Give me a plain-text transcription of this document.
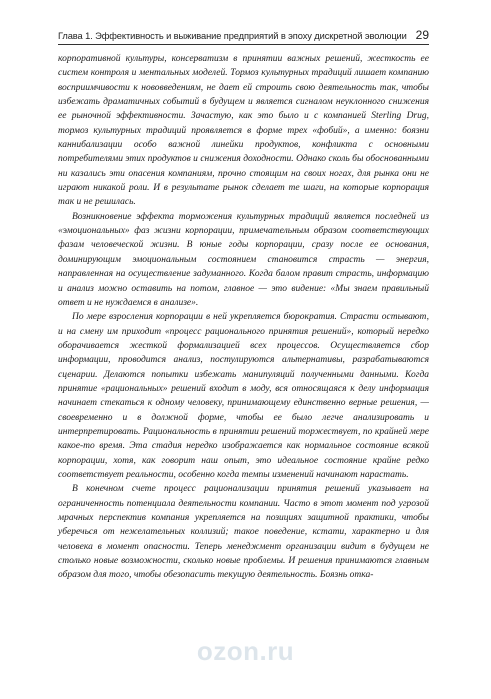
Глава 1. Эффективность и выживание предприятий в эпоху дискретной эволюции 29

корпоративной культуры, консерватизм в принятии важных решений, жесткость ее систем контроля и ментальных моделей. Тормоз культурных традиций лишает компанию восприимчивости к нововведениям, не дает ей строить свою деятельность так, чтобы избежать драматичных событий в будущем и является сигналом неуклонного снижения ее рыночной эффективности. Зачастую, как это было и с компанией Sterling Drug, тормоз культурных традиций проявляется в форме трех «фобий», а именно: боязни каннибализации особо важной линейки продуктов, конфликта с основными потребителями этих продуктов и снижения доходности. Однако сколь бы обоснованными ни казались эти опасения компаниям, прочно стоящим на своих ногах, для рынка они не играют никакой роли. И в результате рынок сделает те шаги, на которые корпорация так и не решилась.

Возникновение эффекта торможения культурных традиций является последней из «эмоциональных» фаз жизни корпорации, примечательным образом соответствующих фазам человеческой жизни. В юные годы корпорации, сразу после ее основания, доминирующим эмоциональным состоянием становится страсть — энергия, направленная на осуществление задуманного. Когда балом правит страсть, информацию и анализ можно оставить на потом, главное — это видение: «Мы знаем правильный ответ и не нуждаемся в анализе».

По мере взросления корпорации в ней укрепляется бюрократия. Страсти остывают, и на смену им приходит «процесс рационального принятия решений», который нередко оборачивается жесткой формализацией всех процессов. Осуществляется сбор информации, проводится анализ, постулируются альтернативы, разрабатываются сценарии. Делаются попытки избежать манипуляций полученными данными. Когда принятие «рациональных» решений входит в моду, вся относящаяся к делу информация начинает стекаться к одному человеку, принимающему единственно верные решения, — своевременно и в должной форме, чтобы ее было легче анализировать и интерпретировать. Рациональность в принятии решений торжествует, по крайней мере какое-то время. Эта стадия нередко изображается как нормальное состояние всякой корпорации, хотя, как говорит наш опыт, это идеальное состояние крайне редко соответствует реальности, особенно когда темпы изменений начинают нарастать.

В конечном счете процесс рационализации принятия решений указывает на ограниченность потенциала деятельности компании. Часто в этот момент под угрозой мрачных перспектив компания укрепляется на позициях защитной практики, чтобы уберечься от нежелательных коллизий; такое поведение, кстати, характерно и для человека в момент опасности. Теперь менеджмент организации видит в будущем не столько новые возможности, сколько новые проблемы. И решения принимаются главным образом для того, чтобы обезопасить текущую деятельность. Боязнь отка-

ozon.ru
